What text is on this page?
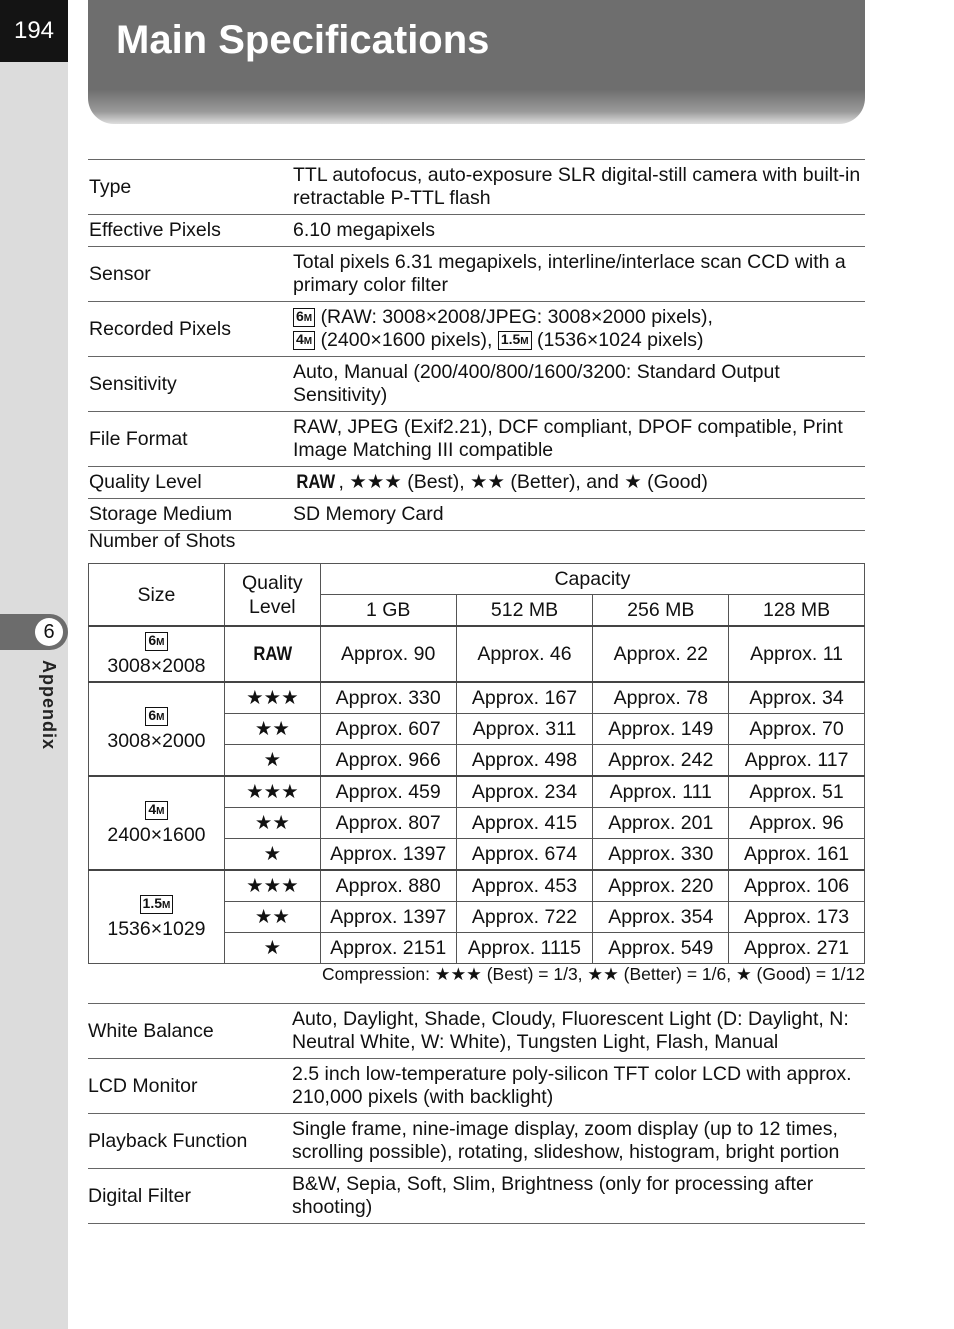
194
6
Appendix
Main Specifications
Type	TTL autofocus, auto-exposure SLR digital-still camera with built-in retractable P-TTL flash
Effective Pixels	6.10 megapixels
Sensor	Total pixels 6.31 megapixels, interline/interlace scan CCD with a primary color filter
Recorded Pixels	6M (RAW: 3008×2008/JPEG: 3008×2000 pixels),
4M (2400×1600 pixels), 1.5M (1536×1024 pixels)
Sensitivity	Auto, Manual (200/400/800/1600/3200: Standard Output Sensitivity)
File Format	RAW, JPEG (Exif2.21), DCF compliant, DPOF compatible, Print Image Matching III compatible
Quality Level	RAW , ★★★ (Best), ★★ (Better), and ★ (Good)
Storage Medium	SD Memory Card
Number of Shots
Size	Quality Level	Capacity			
		1 GB	512 MB	256 MB	128 MB
6M
3008×2008	RAW	Approx. 90	Approx. 46	Approx. 22	Approx. 11
6M
3008×2000	★★★	Approx. 330	Approx. 167	Approx. 78	Approx. 34
	★★	Approx. 607	Approx. 311	Approx. 149	Approx. 70
	★	Approx. 966	Approx. 498	Approx. 242	Approx. 117
4M
2400×1600	★★★	Approx. 459	Approx. 234	Approx. 111	Approx. 51
	★★	Approx. 807	Approx. 415	Approx. 201	Approx. 96
	★	Approx. 1397	Approx. 674	Approx. 330	Approx. 161
1.5M
1536×1029	★★★	Approx. 880	Approx. 453	Approx. 220	Approx. 106
	★★	Approx. 1397	Approx. 722	Approx. 354	Approx. 173
	★	Approx. 2151	Approx. 1115	Approx. 549	Approx. 271
Compression: ★★★ (Best) = 1/3, ★★ (Better) = 1/6, ★ (Good) = 1/12
White Balance	Auto, Daylight, Shade, Cloudy, Fluorescent Light (D: Daylight, N: Neutral White, W: White), Tungsten Light, Flash, Manual
LCD Monitor	2.5 inch low-temperature poly-silicon TFT color LCD with approx. 210,000 pixels (with backlight)
Playback Function	Single frame, nine-image display, zoom display (up to 12 times, scrolling possible), rotating, slideshow, histogram, bright portion
Digital Filter	B&W, Sepia, Soft, Slim, Brightness (only for processing after shooting)
